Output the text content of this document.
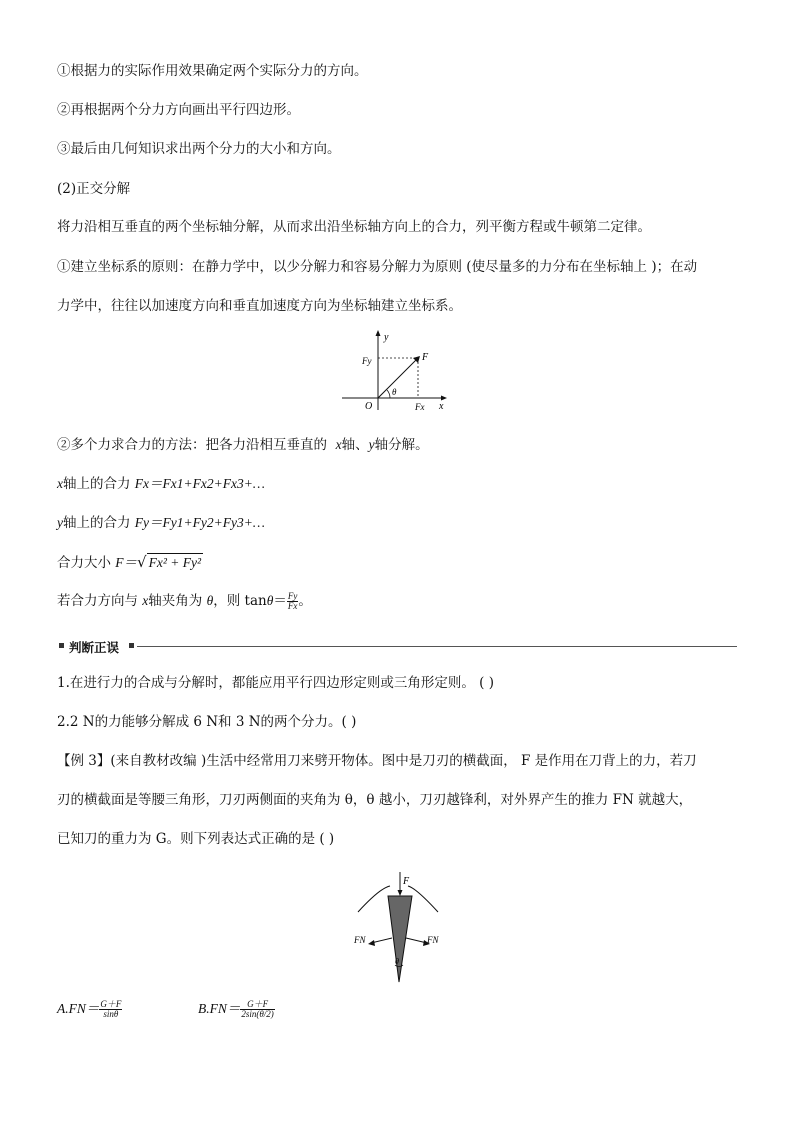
①根据力的实际作用效果确定两个实际分力的方向。
②再根据两个分力方向画出平行四边形。
③最后由几何知识求出两个分力的大小和方向。
(2)正交分解
将力沿相互垂直的两个坐标轴分解，从而求出沿坐标轴方向上的合力，列平衡方程或牛顿第二定律。
①建立坐标系的原则：在静力学中，以少分解力和容易分解力为原则 (使尽量多的力分布在坐标轴上 )；在动
力学中，往往以加速度方向和垂直加速度方向为坐标轴建立坐标系。
y
Fy	F
θ
O	Fx x
②多个力求合力的方法：把各力沿相互垂直的 x轴、y轴分解。
x轴上的合力 Fx＝Fx1+Fx2+Fx3+…
y轴上的合力 Fy＝Fy1+Fy2+Fy3+…
合力大小 F＝√ Fx² + Fy²
若合力方向与 x轴夹角为 θ，则 $\tan\theta= \frac{Fy}{Fx}$ 。
判断正误
1.在进行力的合成与分解时，都能应用平行四边形定则或三角形定则。 ( )
2.2 N的力能够分解成 6 N和 3 N的两个分力。( )
【例 3】(来自教材改编 )生活中经常用刀来劈开物体。图中是刀刃的横截面， F 是作用在刀背上的力，若刀
刃的横截面是等腰三角形，刀刃两侧面的夹角为 θ，θ 越小，刀刃越锋利，对外界产生的推力 FN 就越大，
已知刀的重力为 G。则下列表达式正确的是 ( )
F
FN	FN
θ
$A.FN= \frac{G+F}{\sin\theta}$	$B.FN= \frac{G+F}{2\sin(\theta/2)}$
